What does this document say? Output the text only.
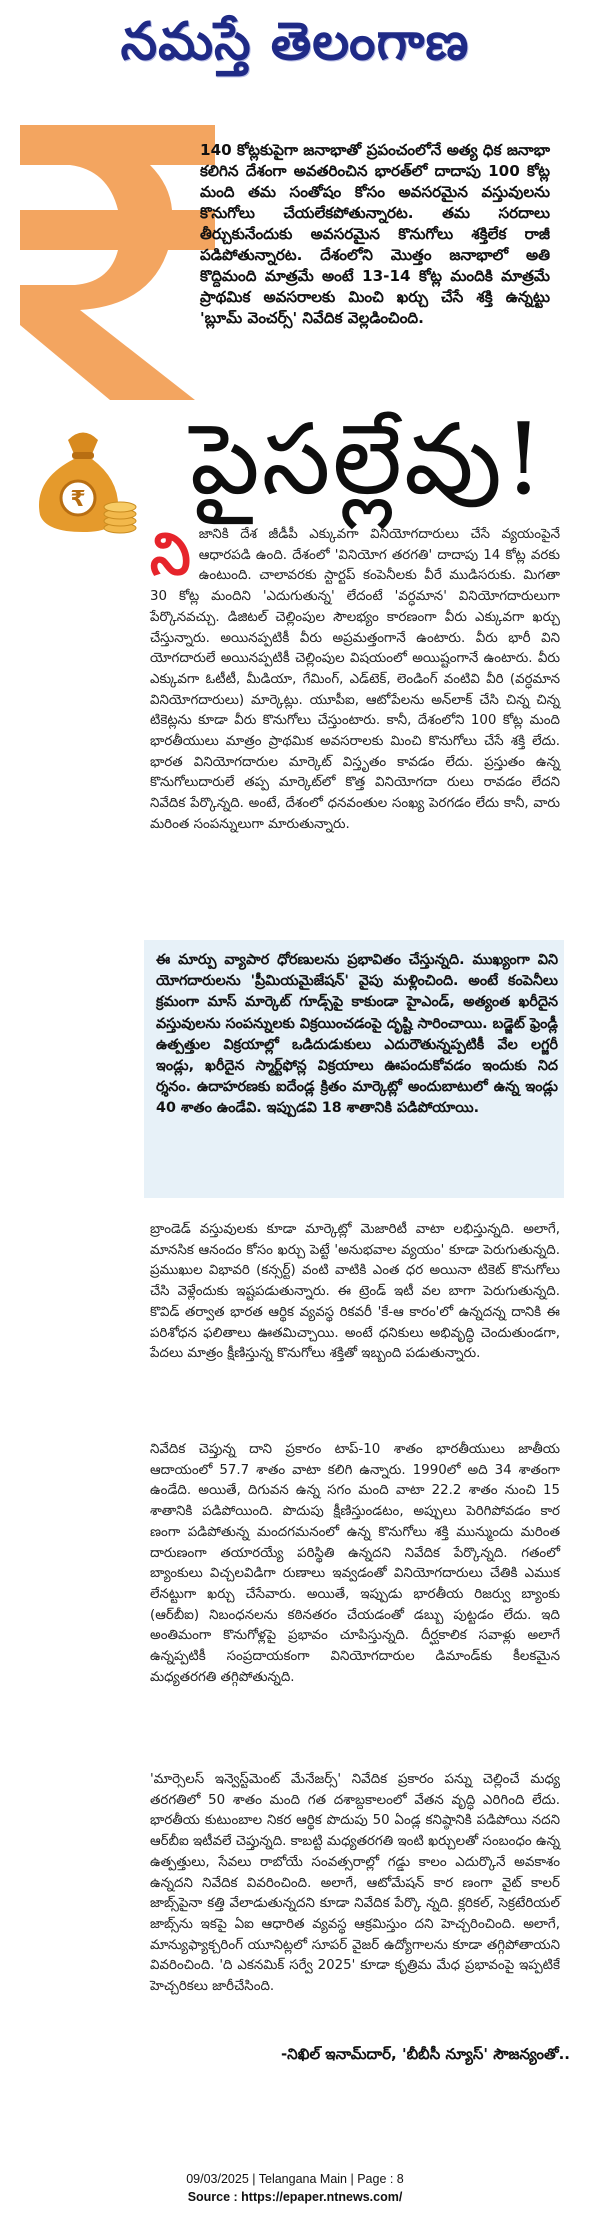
నమస్తే తెలంగాణ
140 కోట్లకుపైగా జనాభాతో ప్రపంచంలోనే అత్య ధిక జనాభా కలిగిన దేశంగా అవతరించిన భారత్‌లో దాదాపు 100 కోట్ల మంది తమ సంతోషం కోసం అవసరమైన వస్తువులను కొనుగోలు చేయలేకపోతున్నారట. తమ సరదాలు తీర్చుకునేందుకు అవసరమైన కొనుగోలు శక్తిలేక రాజీ పడిపోతున్నారట. దేశంలోని మొత్తం జనాభాలో అతి కొద్దిమంది మాత్రమే అంటే 13-14 కోట్ల మందికి మాత్రమే ప్రాథమిక అవసరాలకు మించి ఖర్చు చేసే శక్తి ఉన్నట్టు 'బ్లూమ్ వెంచర్స్' నివేదిక వెల్లడించింది.
₹ పైసల్లేవు!
ని జానికి దేశ జీడీపీ ఎక్కువగా వినియోగదారులు చేసే వ్యయంపైనే ఆధారపడి ఉంది. దేశంలో 'వినియోగ తరగతి' దాదాపు 14 కోట్ల వరకు ఉంటుంది. చాలావరకు స్టార్టప్ కంపెనీలకు వీరే ముడిసరుకు. మిగతా 30 కోట్ల మందిని 'ఎదుగుతున్న' లేదంటే 'వర్ధమాన' వినియోగదారులుగా పేర్కొనవచ్చు. డిజిటల్ చెల్లింపుల సౌలభ్యం కారణంగా వీరు ఎక్కువగా ఖర్చు చేస్తున్నారు. అయినప్పటికీ వీరు అప్రమత్తంగానే ఉంటారు. వీరు భారీ విని యోగదారులే అయినప్పటికీ చెల్లింపుల విషయంలో అయిష్టంగానే ఉంటారు. వీరు ఎక్కువగా ఓటీటీ, మీడియా, గేమింగ్, ఎడ్‌టెక్, లెండింగ్ వంటివి వీరి (వర్ధమాన వినియోగదారులు) మార్కెట్లు. యూపీఐ, ఆటోపేలను అన్‌లాక్ చేసి చిన్న చిన్న టికెట్లను కూడా వీరు కొనుగోలు చేస్తుంటారు. కానీ, దేశంలోని 100 కోట్ల మంది భారతీయులు మాత్రం ప్రాథమిక అవసరాలకు మించి కొనుగోలు చేసే శక్తి లేదు. భారత వినియోగదారుల మార్కెట్ విస్తృతం కావడం లేదు. ప్రస్తుతం ఉన్న కొనుగోలుదారులే తప్ప మార్కెట్‌లో కొత్త వినియోగదా రులు రావడం లేదని నివేదిక పేర్కొన్నది. అంటే, దేశంలో ధనవంతుల సంఖ్య పెరగడం లేదు కానీ, వారు మరింత సంపన్నులుగా మారుతున్నారు.

ఈ మార్పు వ్యాపార ధోరణులను ప్రభావితం చేస్తున్నది. ముఖ్యంగా విని యోగదారులను 'ప్రీమియమైజేషన్' వైపు మళ్లించింది. అంటే కంపెనీలు క్రమంగా మాస్ మార్కెట్ గూడ్స్‌పై కాకుండా హైఎండ్, అత్యంత ఖరీదైన వస్తువులను సంపన్నులకు విక్రయించడంపై దృష్టి సారించాయి. బడ్జెట్ ఫ్రెండ్లీ ఉత్పత్తుల విక్రయాల్లో ఒడిదుడుకులు ఎదురౌతున్నప్పటికీ వేల లగ్జరీ ఇండ్లు, ఖరీదైన స్మార్ట్‌ఫోన్ల విక్రయాలు ఊపందుకోవడం ఇందుకు నిద ర్శనం. ఉదాహరణకు ఐదేండ్ల క్రితం మార్కెట్లో అందుబాటులో ఉన్న ఇండ్లు 40 శాతం ఉండేవి. ఇప్పుడవి 18 శాతానికి పడిపోయాయి.

బ్రాండెడ్ వస్తువులకు కూడా మార్కెట్లో మెజారిటీ వాటా లభిస్తున్నది. అలాగే, మానసిక ఆనందం కోసం ఖర్చు పెట్టే 'అనుభవాల వ్యయం' కూడా పెరుగుతున్నది. ప్రముఖుల విభావరి (కన్సర్ట్) వంటి వాటికి ఎంత ధర అయినా టికెట్ కొనుగోలు చేసి వెళ్లేందుకు ఇష్టపడుతున్నారు. ఈ ట్రెండ్ ఇటీ వల బాగా పెరుగుతున్నది. కొవిడ్ తర్వాత భారత ఆర్థిక వ్యవస్థ రికవరీ 'కే-ఆ కారం'లో ఉన్నదన్న దానికి ఈ పరిశోధన ఫలితాలు ఊతమిచ్చాయి. అంటే ధనికులు అభివృద్ధి చెందుతుండగా, పేదలు మాత్రం క్షీణిస్తున్న కొనుగోలు శక్తితో ఇబ్బంది పడుతున్నారు.

నివేదిక చెప్తున్న దాని ప్రకారం టాప్-10 శాతం భారతీయులు జాతీయ ఆదాయంలో 57.7 శాతం వాటా కలిగి ఉన్నారు. 1990లో అది 34 శాతంగా ఉండేది. అయితే, దిగువన ఉన్న సగం మంది వాటా 22.2 శాతం నుంచి 15 శాతానికి పడిపోయింది. పొదుపు క్షీణిస్తుండటం, అప్పులు పెరిగిపోవడం కార ణంగా పడిపోతున్న మందగమనంలో ఉన్న కొనుగోలు శక్తి మున్ముందు మరింత దారుణంగా తయారయ్యే పరిస్థితి ఉన్నదని నివేదిక పేర్కొన్నది. గతంలో బ్యాంకులు విచ్చలవిడిగా రుణాలు ఇవ్వడంతో వినియోగదారులు చేతికి ఎముక లేనట్టుగా ఖర్చు చేసేవారు. అయితే, ఇప్పుడు భారతీయ రిజర్వు బ్యాంకు (ఆర్‌బీఐ) నిబంధనలను కఠినతరం చేయడంతో డబ్బు పుట్టడం లేదు. ఇది అంతిమంగా కొనుగోళ్లపై ప్రభావం చూపిస్తున్నది. దీర్ఘకాలిక సవాళ్లు అలాగే ఉన్నప్పటికీ సంప్రదాయకంగా వినియోగదారుల డిమాండ్‌కు కీలకమైన మధ్యతరగతి తగ్గిపోతున్నది.

'మార్సెలస్ ఇన్వెస్ట్‌మెంట్ మేనేజర్స్' నివేదిక ప్రకారం పన్ను చెల్లించే మధ్య తరగతిలో 50 శాతం మంది గత దశాబ్దకాలంలో వేతన వృద్ధి ఎరిగింది లేదు. భారతీయ కుటుంబాల నికర ఆర్థిక పొదుపు 50 ఏండ్ల కనిష్ఠానికి పడిపోయి నదని ఆర్‌బీఐ ఇటీవలే చెప్తున్నది. కాబట్టి మధ్యతరగతి ఇంటి ఖర్చులతో సంబంధం ఉన్న ఉత్పత్తులు, సేవలు రాబోయే సంవత్సరాల్లో గడ్డు కాలం ఎదుర్కొనే అవకాశం ఉన్నదని నివేదిక వివరించింది. అలాగే, ఆటోమేషన్ కార ణంగా వైట్ కాలర్ జాబ్స్‌పైనా కత్తి వేలాడుతున్నదని కూడా నివేదిక పేర్కొ న్నది. క్లరికల్, సెక్రటేరియల్ జాబ్స్‌ను ఇకపై ఏఐ ఆధారిత వ్యవస్థ ఆక్రమిస్తుం దని హెచ్చరించింది. అలాగే, మాన్యుఫ్యాక్చరింగ్ యూనిట్లలో సూపర్ వైజర్ ఉద్యోగాలను కూడా తగ్గిపోతాయని వివరించింది. 'ది ఎకనమిక్ సర్వే 2025' కూడా కృత్రిమ మేధ ప్రభావంపై ఇప్పటికే హెచ్చరికలు జారీచేసింది.

-నిఖిల్ ఇనామ్‌దార్, 'బీబీసీ న్యూస్' సౌజన్యంతో..
09/03/2025 | Telangana Main | Page : 8
Source : https://epaper.ntnews.com/
